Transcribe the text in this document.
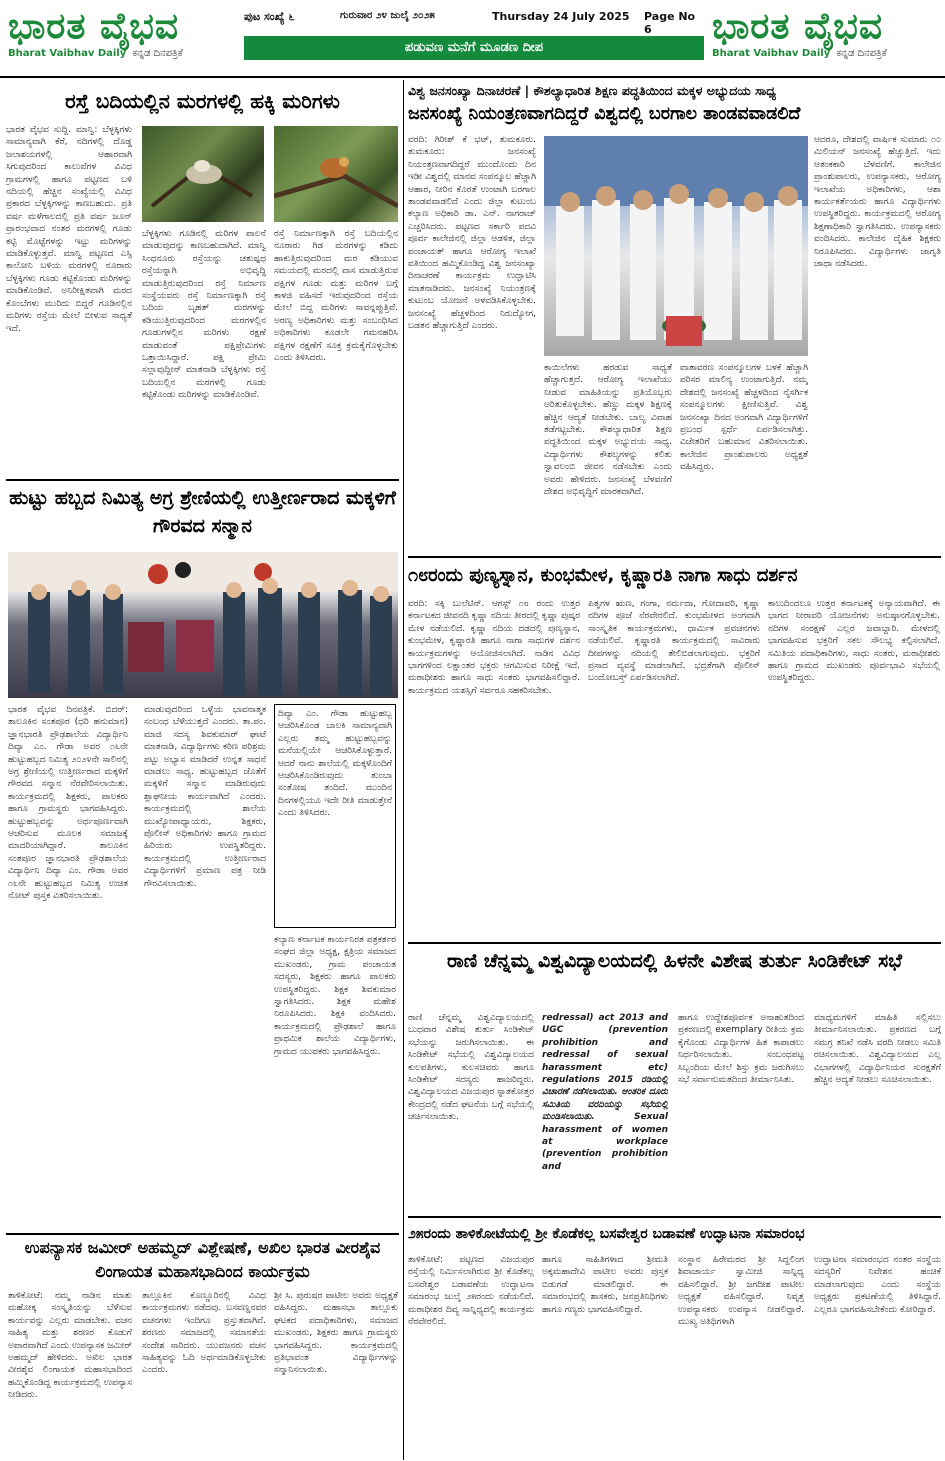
ಭಾರತ ವೈಭವ
Bharat Vaibhav Daily ಕನ್ನಡ ದಿನಪತ್ರಿಕೆ
ಪುಟ ಸಂಖ್ಯೆ ೬	ಗುರುವಾರ ೨೪ ಜುಲೈ ೨೦೨೫	Thursday 24 July 2025 Page No 6
ಪಡುವಣ ಮನೆಗೆ ಮೂಡಣ ದೀಪ
ಭಾರತ ವೈಭವ
Bharat Vaibhav Daily ಕನ್ನಡ ದಿನಪತ್ರಿಕೆ
ರಸ್ತೆ ಬದಿಯಲ್ಲಿನ ಮರಗಳಲ್ಲಿ ಹಕ್ಕಿ ಮರಿಗಳು
ಭಾರತ ವೈಭವ ಸುದ್ದಿ. ಮಾನ್ವಿ: ಬೆಳ್ಳಕ್ಕಿಗಳು ಸಾಮಾನ್ಯವಾಗಿ ಕೆರೆ, ನದಿಗಳಲ್ಲಿ ದೊಡ್ಡ ಜಲಾಶಯಗಳಲ್ಲಿ ಆಹಾರವಾಗಿ ಸಿಗುವುದರಿಂದ ಕಾಲುವೆಗಳ ವಿವಿಧ ಗ್ರಾಮಗಳಲ್ಲಿ ಹಾಗೂ ಪಟ್ಟಣದ ಬಳಿ ನದಿಯಲ್ಲಿ ಹೆಚ್ಚಿನ ಸಂಖ್ಯೆಯಲ್ಲಿ ವಿವಿಧ ಪ್ರಕಾರದ ಬೆಳ್ಳಕ್ಕಿಗಳನ್ನು ಕಾಣಬಹುದು. ಪ್ರತಿ ವರ್ಷ ಮಳೆಗಾಲದಲ್ಲಿ ಪ್ರತಿ ವರ್ಷ ಜೂನ್ ಪ್ರಾರಂಭವಾದ ನಂತರ ಮರಗಳಲ್ಲಿ ಗೂಡು ಕಟ್ಟಿ ಮೊಟ್ಟೆಗಳನ್ನು ಇಟ್ಟು ಮರಿಗಳನ್ನು ಮಾಡಿಕೊಳ್ಳುತ್ತವೆ. ಮಾನ್ವಿ ಪಟ್ಟಣದ ಎಸ್ಸಿ ಕಾಲೋನಿ ಬಳಿಯ ಮರಗಳಲ್ಲಿ ನೂರಾರು ಬೆಳ್ಳಕ್ಕಿಗಳು ಗೂಡು ಕಟ್ಟಿಕೊಂಡು ಮರಿಗಳನ್ನು ಮಾಡಿಕೊಂಡಿವೆ. ಅನಿರೀಕ್ಷಿತವಾಗಿ ಮರದ ಕೊಂಬೆಗಳು ಮುರಿದು ಬಿದ್ದರೆ ಗೂಡಿನಲ್ಲಿನ ಮರಿಗಳು ರಸ್ತೆಯ ಮೇಲೆ ಬೀಳುವ ಸಾಧ್ಯತೆ ಇದೆ.
ಬೆಳ್ಳಕ್ಕಿಗಳು ಗೂಡಿನಲ್ಲಿ ಮರಿಗಳ ಪಾಲನೆ ಮಾಡುವುದನ್ನು ಕಾಣಬಹುದಾಗಿದೆ. ಮಾನ್ವಿ ಸಿಂಧನೂರು ರಸ್ತೆಯನ್ನು ಚತುಷ್ಪಥ ರಸ್ತೆಯನ್ನಾಗಿ ಅಭಿವೃದ್ಧಿ ಮಾಡುತ್ತಿರುವುದರಿಂದ ರಸ್ತೆ ನಿರ್ಮಾಣ ಸಂಸ್ಥೆಯವರು ರಸ್ತೆ ನಿರ್ಮಾಣಕ್ಕಾಗಿ ರಸ್ತೆ ಬದಿಯ ಬೃಹತ್ ಮರಗಳನ್ನು ಕಡಿಯುತ್ತಿರುವುದರಿಂದ ಮರಗಳಲ್ಲಿನ ಗೂಡುಗಳಲ್ಲಿನ ಮರಿಗಳು ರಕ್ಷಣೆ ಮಾಡುವಂತೆ ಪಕ್ಷಿಪ್ರೇಮಿಗಳು ಒತ್ತಾಯಿಸಿದ್ದಾರೆ. ಪಕ್ಷಿ ಪ್ರೇಮಿ ಸಲ್ಲಾವುದ್ದೀನ್ ಮಾತನಾಡಿ ಬೆಳ್ಳಕ್ಕಿಗಳು ರಸ್ತೆ ಬದಿಯಲ್ಲಿನ ಮರಗಳಲ್ಲಿ ಗೂಡು ಕಟ್ಟಿಕೊಂಡು ಮರಿಗಳನ್ನು ಮಾಡಿಕೊಂಡಿವೆ.
ರಸ್ತೆ ನಿರ್ಮಾಣಕ್ಕಾಗಿ ರಸ್ತೆ ಬದಿಯಲ್ಲಿನ ನೂರಾರು ಗಿಡ ಮರಗಳನ್ನು ಕಡಿದು ಹಾಕುತ್ತಿರುವುದರಿಂದ ಮರ ಕಡಿಯುವ ಸಮಯದಲ್ಲಿ ಮರದಲ್ಲಿ ವಾಸ ಮಾಡುತ್ತಿರುವ ಪಕ್ಷಿಗಳ ಗೂಡು ಮತ್ತು ಮರಿಗಳ ಬಗ್ಗೆ ಕಾಳಜಿ ವಹಿಸದೆ ಇರುವುದರಿಂದ ರಸ್ತೆಯ ಮೇಲೆ ಬಿದ್ದ ಮರಿಗಳು ಸಾವನ್ನಪ್ಪುತ್ತಿವೆ. ಅರಣ್ಯ ಅಧಿಕಾರಿಗಳು ಮತ್ತು ಸಂಬಂಧಿಸಿದ ಅಧಿಕಾರಿಗಳು ಕೂಡಲೇ ಗಮನಹರಿಸಿ ಪಕ್ಷಿಗಳ ರಕ್ಷಣೆಗೆ ಸೂಕ್ತ ಕ್ರಮಕೈಗೊಳ್ಳಬೇಕು ಎಂದು ತಿಳಿಸಿದರು.
ಹುಟ್ಟು ಹಬ್ಬದ ನಿಮಿತ್ಯ ಅಗ್ರ ಶ್ರೇಣಿಯಲ್ಲಿ ಉತ್ತೀರ್ಣರಾದ ಮಕ್ಕಳಿಗೆ ಗೌರವದ ಸನ್ಮಾನ
ಭಾರತ ವೈಭವ ದಿನಪತ್ರಿಕೆ. ಬಿದರ್: ತಾಲೂಕಿನ ಸಂತಪೂರ (ಧರಿ ಹನುಮಾನ) ಜ್ಞಾನಭಾರತಿ ಪ್ರೌಢಶಾಲೆಯ ವಿದ್ಯಾರ್ಥಿನಿ ದಿವ್ಯಾ ಎಂ. ಗೌಡಾ ಅವರ ೧೬ನೇ ಹುಟ್ಟುಹಬ್ಬದ ನಿಮಿತ್ಯ ೨೦೨೪ನೇ ಸಾಲಿನಲ್ಲಿ ಅಗ್ರ ಶ್ರೇಣಿಯಲ್ಲಿ ಉತ್ತೀರ್ಣರಾದ ಮಕ್ಕಳಿಗೆ ಗೌರವದ ಸನ್ಮಾನ ನೆರವೇರಿಸಲಾಯಿತು. ಕಾರ್ಯಕ್ರಮದಲ್ಲಿ ಶಿಕ್ಷಕರು, ಪಾಲಕರು ಹಾಗೂ ಗ್ರಾಮಸ್ಥರು ಭಾಗವಹಿಸಿದ್ದರು. ಹುಟ್ಟುಹಬ್ಬವನ್ನು ಅರ್ಥಪೂರ್ಣವಾಗಿ ಆಚರಿಸುವ ಮೂಲಕ ಸಮಾಜಕ್ಕೆ ಮಾದರಿಯಾಗಿದ್ದಾರೆ. ತಾಲೂಕಿನ ಸಂತಪೂರ ಜ್ಞಾನಭಾರತಿ ಪ್ರೌಢಶಾಲೆಯ ವಿದ್ಯಾರ್ಥಿನಿ ದಿವ್ಯಾ ಎಂ. ಗೌಡಾ ಅವರ ೧೬ನೇ ಹುಟ್ಟುಹಬ್ಬದ ನಿಮಿತ್ಯ ಉಚಿತ ನೋಟ್ ಪುಸ್ತಕ ವಿತರಿಸಲಾಯಿತು.
ಮಾಡುವುದರಿಂದ ಒಳ್ಳೆಯ ಭಾವನಾತ್ಮಕ ಸಂಬಂಧ ಬೆಳೆಯುತ್ತದೆ ಎಂದರು. ತಾ.ಪಂ. ಮಾಜಿ ಸದಸ್ಯ ಶಿವಕುಮಾರ್ ಘಾಟೆ ಮಾತನಾಡಿ, ವಿದ್ಯಾರ್ಥಿಗಳು ಕಠಿಣ ಪರಿಶ್ರಮ ಪಟ್ಟು ಅಭ್ಯಾಸ ಮಾಡಿದರೆ ಉನ್ನತ ಸಾಧನೆ ಮಾಡಲು ಸಾಧ್ಯ. ಹುಟ್ಟುಹಬ್ಬದ ಜೊತೆಗೆ ಮಕ್ಕಳಿಗೆ ಸನ್ಮಾನ ಮಾಡಿರುವುದು ಶ್ಲಾಘನೀಯ ಕಾರ್ಯವಾಗಿದೆ ಎಂದರು. ಕಾರ್ಯಕ್ರಮದಲ್ಲಿ ಶಾಲೆಯ ಮುಖ್ಯೋಪಾಧ್ಯಾಯರು, ಶಿಕ್ಷಕರು, ಪೊಲೀಸ್ ಅಧಿಕಾರಿಗಳು ಹಾಗೂ ಗ್ರಾಮದ ಹಿರಿಯರು ಉಪಸ್ಥಿತರಿದ್ದರು. ಕಾರ್ಯಕ್ರಮದಲ್ಲಿ ಉತ್ತೀರ್ಣರಾದ ವಿದ್ಯಾರ್ಥಿಗಳಿಗೆ ಪ್ರಮಾಣ ಪತ್ರ ನೀಡಿ ಗೌರವಿಸಲಾಯಿತು.
ದಿವ್ಯಾ ಎಂ. ಗೌಡಾ ಹುಟ್ಟುಹಬ್ಬ ಆಚರಿಸಿಕೊಂಡ ಬಾಲಕಿ ಸಾಮಾನ್ಯವಾಗಿ ಎಲ್ಲರು ತಮ್ಮ ಹುಟ್ಟುಹಬ್ಬವನ್ನು ಮನೆಯಲ್ಲಿಯೇ ಆಚರಿಸಿಕೊಳ್ಳುತ್ತಾರೆ. ಆದರೆ ನಾನು ಶಾಲೆಯಲ್ಲಿ ಮಕ್ಕಳೊಂದಿಗೆ ಆಚರಿಸಿಕೊಂಡಿರುವುದು ತುಂಬಾ ಸಂತೋಷ ತಂದಿದೆ. ಮುಂದಿನ ದಿನಗಳಲ್ಲಿಯೂ ಇದೇ ರೀತಿ ಮಾಡುತ್ತೇನೆ ಎಂದು ತಿಳಿಸಿದರು.
ಕಲ್ಯಾಣ ಕರ್ನಾಟಕ ಕಾರ್ಯನಿರತ ಪತ್ರಕರ್ತರ ಸಂಘದ ಜಿಲ್ಲಾ ಅಧ್ಯಕ್ಷ, ಕ್ಷತ್ರಿಯ ಸಮಾಜದ ಮುಖಂಡರು, ಗ್ರಾಮ ಪಂಚಾಯತ ಸದಸ್ಯರು, ಶಿಕ್ಷಕರು ಹಾಗೂ ಪಾಲಕರು ಉಪಸ್ಥಿತರಿದ್ದರು. ಶಿಕ್ಷಕ ಶಿವಕುಮಾರ ಸ್ವಾಗತಿಸಿದರು. ಶಿಕ್ಷಕ ಮಹೇಶ ನಿರೂಪಿಸಿದರು. ಶಿಕ್ಷಕಿ ವಂದಿಸಿದರು. ಕಾರ್ಯಕ್ರಮದಲ್ಲಿ ಪ್ರೌಢಶಾಲೆ ಹಾಗೂ ಪ್ರಾಥಮಿಕ ಶಾಲೆಯ ವಿದ್ಯಾರ್ಥಿಗಳು, ಗ್ರಾಮದ ಯುವಕರು ಭಾಗವಹಿಸಿದ್ದರು.
ಉಪನ್ಯಾಸಕ ಜಮೀರ್ ಅಹಮ್ಮದ್ ವಿಶ್ಲೇಷಣೆ, ಅಖಿಲ ಭಾರತ ವೀರಶೈವ ಲಿಂಗಾಯತ ಮಹಾಸಭಾದಿಂದ ಕಾರ್ಯಕ್ರಮ
ತಾಳಿಕೋಟೆ: ನಮ್ಮ ನಾಡಿನ ಮಾತು ಮಹೋಕ್ಕ ಸಂಸ್ಕೃತಿಯನ್ನು ಬೆಳೆಸುವ ಕಾರ್ಯವನ್ನು ಎಲ್ಲರು ಮಾಡಬೇಕು. ವಚನ ಸಾಹಿತ್ಯ ಮತ್ತು ಶರಣರ ಕೊಡುಗೆ ಅಪಾರವಾಗಿದೆ ಎಂದು ಉಪನ್ಯಾಸಕ ಜಮೀರ್ ಅಹಮ್ಮದ್ ಹೇಳಿದರು. ಅಖಿಲ ಭಾರತ ವೀರಶೈವ ಲಿಂಗಾಯತ ಮಹಾಸಭಾದಿಂದ ಹಮ್ಮಿಕೊಂಡಿದ್ದ ಕಾರ್ಯಕ್ರಮದಲ್ಲಿ ಉಪನ್ಯಾಸ ನೀಡಿದರು.
ತಾಲ್ಲೂಕಿನ ಕೊಣ್ಣೂರಿನಲ್ಲಿ ವಿವಿಧ ಕಾರ್ಯಕ್ರಮಗಳು ನಡೆದವು. ಬಸವಣ್ಣನವರ ವಚನಗಳು ಇಂದಿಗೂ ಪ್ರಸ್ತುತವಾಗಿವೆ. ಶರಣರು ಸಮಾಜದಲ್ಲಿ ಸಮಾನತೆಯ ಸಂದೇಶ ಸಾರಿದರು. ಯುವಜನರು ವಚನ ಸಾಹಿತ್ಯವನ್ನು ಓದಿ ಅರ್ಥಮಾಡಿಕೊಳ್ಳಬೇಕು ಎಂದರು.
ಶ್ರೀ ಸಿ. ಪುರುಷರ ಪಾಟೀಲ ಅವರು ಅಧ್ಯಕ್ಷತೆ ವಹಿಸಿದ್ದರು. ಮಹಾಸಭಾ ತಾಲ್ಲೂಕು ಘಟಕದ ಪದಾಧಿಕಾರಿಗಳು, ಸಮಾಜದ ಮುಖಂಡರು, ಶಿಕ್ಷಕರು ಹಾಗೂ ಗ್ರಾಮಸ್ಥರು ಭಾಗವಹಿಸಿದ್ದರು. ಕಾರ್ಯಕ್ರಮದಲ್ಲಿ ಪ್ರತಿಭಾವಂತ ವಿದ್ಯಾರ್ಥಿಗಳನ್ನು ಸನ್ಮಾನಿಸಲಾಯಿತು.
ವಿಶ್ವ ಜನಸಂಖ್ಯಾ ದಿನಾಚರಣೆ | ಕೌಶಲ್ಯಾಧಾರಿತ ಶಿಕ್ಷಣ ಪದ್ಧತಿಯಿಂದ ಮಕ್ಕಳ ಅಭ್ಯುದಯ ಸಾಧ್ಯ
ಜನಸಂಖ್ಯೆ ನಿಯಂತ್ರಣವಾಗದಿದ್ದರೆ ವಿಶ್ವದಲ್ಲಿ ಬರಗಾಲ ತಾಂಡವವಾಡಲಿದೆ
ವರದಿ: ಗಿರೀಶ್ ಕೆ ಭಟ್, ತುಮಕೂರು. ತುಮಕೂರು: ಜನಸಂಖ್ಯೆ ನಿಯಂತ್ರಣವಾಗದಿದ್ದರೆ ಮುಂದೊಂದು ದಿನ ಇಡೀ ವಿಶ್ವದಲ್ಲಿ ಮಾನವ ಸಂಪನ್ಮೂಲ ಹೆಚ್ಚಾಗಿ ಆಹಾರ, ನೀರಿನ ಕೊರತೆ ಉಂಟಾಗಿ ಬರಗಾಲ ತಾಂಡವವಾಡಲಿದೆ ಎಂದು ಜಿಲ್ಲಾ ಕುಟುಂಬ ಕಲ್ಯಾಣ ಅಧಿಕಾರಿ ಡಾ. ಎನ್. ನಾಗರಾಜ್ ಎಚ್ಚರಿಸಿದರು. ಪಟ್ಟಣದ ಸರ್ಕಾರಿ ಪದವಿ ಪೂರ್ವ ಕಾಲೇಜಿನಲ್ಲಿ ಜಿಲ್ಲಾ ಆಡಳಿತ, ಜಿಲ್ಲಾ ಪಂಚಾಯತ್ ಹಾಗೂ ಆರೋಗ್ಯ ಇಲಾಖೆ ವತಿಯಿಂದ ಹಮ್ಮಿಕೊಂಡಿದ್ದ ವಿಶ್ವ ಜನಸಂಖ್ಯಾ ದಿನಾಚರಣೆ ಕಾರ್ಯಕ್ರಮ ಉದ್ಘಾಟಿಸಿ ಮಾತನಾಡಿದರು. ಜನಸಂಖ್ಯೆ ನಿಯಂತ್ರಣಕ್ಕೆ ಕುಟುಂಬ ಯೋಜನೆ ಅಳವಡಿಸಿಕೊಳ್ಳಬೇಕು. ಜನಸಂಖ್ಯೆ ಹೆಚ್ಚಳದಿಂದ ನಿರುದ್ಯೋಗ, ಬಡತನ ಹೆಚ್ಚಾಗುತ್ತಿದೆ ಎಂದರು.
ಕಾಯಿಲೆಗಳು ಹರಡುವ ಸಾಧ್ಯತೆ ಹೆಚ್ಚಾಗುತ್ತದೆ. ಆರೋಗ್ಯ ಇಲಾಖೆಯು ನೀಡುವ ಮಾಹಿತಿಯನ್ನು ಪ್ರತಿಯೊಬ್ಬರು ಅರಿತುಕೊಳ್ಳಬೇಕು. ಹೆಣ್ಣು ಮಕ್ಕಳ ಶಿಕ್ಷಣಕ್ಕೆ ಹೆಚ್ಚಿನ ಆದ್ಯತೆ ನೀಡಬೇಕು. ಬಾಲ್ಯ ವಿವಾಹ ತಡೆಗಟ್ಟಬೇಕು. ಕೌಶಲ್ಯಾಧಾರಿತ ಶಿಕ್ಷಣ ಪದ್ಧತಿಯಿಂದ ಮಕ್ಕಳ ಅಭ್ಯುದಯ ಸಾಧ್ಯ. ವಿದ್ಯಾರ್ಥಿಗಳು ಕೌಶಲ್ಯಗಳನ್ನು ಕಲಿತು ಸ್ವಾವಲಂಬಿ ಜೀವನ ನಡೆಸಬೇಕು ಎಂದು ಅವರು ಹೇಳಿದರು. ಜನಸಂಖ್ಯೆ ಬೆಳವಣಿಗೆ ದೇಶದ ಅಭಿವೃದ್ಧಿಗೆ ಮಾರಕವಾಗಿದೆ.
ವಾತಾವರಣ ಸಂಪನ್ಮೂಲಗಳ ಬಳಕೆ ಹೆಚ್ಚಾಗಿ ಪರಿಸರ ಮಾಲಿನ್ಯ ಉಂಟಾಗುತ್ತಿದೆ. ನಮ್ಮ ದೇಶದಲ್ಲಿ ಜನಸಂಖ್ಯೆ ಹೆಚ್ಚಳದಿಂದ ನೈಸರ್ಗಿಕ ಸಂಪನ್ಮೂಲಗಳು ಕ್ಷೀಣಿಸುತ್ತಿವೆ. ವಿಶ್ವ ಜನಸಂಖ್ಯಾ ದಿನದ ಅಂಗವಾಗಿ ವಿದ್ಯಾರ್ಥಿಗಳಿಗೆ ಪ್ರಬಂಧ ಸ್ಪರ್ಧೆ ಏರ್ಪಡಿಸಲಾಗಿತ್ತು. ವಿಜೇತರಿಗೆ ಬಹುಮಾನ ವಿತರಿಸಲಾಯಿತು. ಕಾಲೇಜಿನ ಪ್ರಾಂಶುಪಾಲರು ಅಧ್ಯಕ್ಷತೆ ವಹಿಸಿದ್ದರು.
ಆದರೂ, ದೇಶದಲ್ಲಿ ವಾರ್ಷಿಕ ಸುಮಾರು ೧೦ ಮಿಲಿಯನ್ ಜನಸಂಖ್ಯೆ ಹೆಚ್ಚುತ್ತಿದೆ. ಇದು ಆತಂಕಕಾರಿ ಬೆಳವಣಿಗೆ. ಕಾಲೇಜಿನ ಪ್ರಾಂಶುಪಾಲರು, ಉಪನ್ಯಾಸಕರು, ಆರೋಗ್ಯ ಇಲಾಖೆಯ ಅಧಿಕಾರಿಗಳು, ಆಶಾ ಕಾರ್ಯಕರ್ತೆಯರು ಹಾಗೂ ವಿದ್ಯಾರ್ಥಿಗಳು ಉಪಸ್ಥಿತರಿದ್ದರು. ಕಾರ್ಯಕ್ರಮದಲ್ಲಿ ಆರೋಗ್ಯ ಶಿಕ್ಷಣಾಧಿಕಾರಿ ಸ್ವಾಗತಿಸಿದರು. ಉಪನ್ಯಾಸಕರು ವಂದಿಸಿದರು. ಕಾಲೇಜಿನ ದೈಹಿಕ ಶಿಕ್ಷಕರು ನಿರೂಪಿಸಿದರು. ವಿದ್ಯಾರ್ಥಿಗಳು ಜಾಗೃತಿ ಜಾಥಾ ನಡೆಸಿದರು.
೧೮ರಂದು ಪುಣ್ಯಸ್ನಾನ, ಕುಂಭಮೇಳ, ಕೃಷ್ಣಾರತಿ ನಾಗಾ ಸಾಧು ದರ್ಶನ
ವರದಿ: ಸಕ್ಕಿ ಬುಲೆಟಿನ್. ಆಗಸ್ಟ್ ೧೮ ರಂದು ಉತ್ತರ ಕರ್ನಾಟಕದ ಜೀವನದಿ ಕೃಷ್ಣಾ ನದಿಯ ತೀರದಲ್ಲಿ ಕೃಷ್ಣಾ ಪುಷ್ಕರ ಮೇಳ ನಡೆಯಲಿದೆ. ಕೃಷ್ಣಾ ನದಿಯ ದಡದಲ್ಲಿ ಪುಣ್ಯಸ್ನಾನ, ಕುಂಭಮೇಳ, ಕೃಷ್ಣಾರತಿ ಹಾಗೂ ನಾಗಾ ಸಾಧುಗಳ ದರ್ಶನ ಕಾರ್ಯಕ್ರಮಗಳನ್ನು ಆಯೋಜಿಸಲಾಗಿದೆ. ನಾಡಿನ ವಿವಿಧ ಭಾಗಗಳಿಂದ ಲಕ್ಷಾಂತರ ಭಕ್ತರು ಆಗಮಿಸುವ ನಿರೀಕ್ಷೆ ಇದೆ. ಮಠಾಧೀಶರು ಹಾಗೂ ಸಾಧು ಸಂತರು ಭಾಗವಹಿಸಲಿದ್ದಾರೆ. ಕಾರ್ಯಕ್ರಮದ ಯಶಸ್ಸಿಗೆ ಸರ್ವರೂ ಸಹಕರಿಸಬೇಕು.
ಪಿತೃಗಳ ಋಣ, ಗಂಗಾ, ನರ್ಮದಾ, ಗೋದಾವರಿ, ಕೃಷ್ಣಾ ನದಿಗಳ ಪೂಜೆ ನೆರವೇರಲಿದೆ. ಕುಂಭಮೇಳದ ಅಂಗವಾಗಿ ಸಾಂಸ್ಕೃತಿಕ ಕಾರ್ಯಕ್ರಮಗಳು, ಧಾರ್ಮಿಕ ಪ್ರವಚನಗಳು ನಡೆಯಲಿವೆ. ಕೃಷ್ಣಾರತಿ ಕಾರ್ಯಕ್ರಮದಲ್ಲಿ ಸಾವಿರಾರು ದೀಪಗಳನ್ನು ನದಿಯಲ್ಲಿ ತೇಲಿಬಿಡಲಾಗುವುದು. ಭಕ್ತರಿಗೆ ಪ್ರಸಾದ ವ್ಯವಸ್ಥೆ ಮಾಡಲಾಗಿದೆ. ಭದ್ರತೆಗಾಗಿ ಪೊಲೀಸ್ ಬಂದೋಬಸ್ತ್ ಏರ್ಪಡಿಸಲಾಗಿದೆ.
ಕಾಲುದಿಂದಲೂ ಉತ್ತರ ಕರ್ನಾಟಕಕ್ಕೆ ಅನ್ಯಾಯವಾಗಿದೆ. ಈ ಭಾಗದ ನೀರಾವರಿ ಯೋಜನೆಗಳು ಅನುಷ್ಠಾನಗೊಳ್ಳಬೇಕು. ನದಿಗಳ ಸಂರಕ್ಷಣೆ ಎಲ್ಲರ ಜವಾಬ್ದಾರಿ. ಮೇಳದಲ್ಲಿ ಭಾಗವಹಿಸುವ ಭಕ್ತರಿಗೆ ಸಕಲ ಸೌಲಭ್ಯ ಕಲ್ಪಿಸಲಾಗಿದೆ. ಸಮಿತಿಯ ಪದಾಧಿಕಾರಿಗಳು, ಸಾಧು ಸಂತರು, ಮಠಾಧೀಶರು ಹಾಗೂ ಗ್ರಾಮದ ಮುಖಂಡರು ಪೂರ್ವಭಾವಿ ಸಭೆಯಲ್ಲಿ ಉಪಸ್ಥಿತರಿದ್ದರು.
ರಾಣಿ ಚೆನ್ನಮ್ಮ ವಿಶ್ವವಿದ್ಯಾಲಯದಲ್ಲಿ ಹಿಳನೇ ವಿಶೇಷ ತುರ್ತು ಸಿಂಡಿಕೇಟ್ ಸಭೆ
ರಾಣಿ ಚೆನ್ನಮ್ಮ ವಿಶ್ವವಿದ್ಯಾಲಯದಲ್ಲಿ ಬುಧವಾರ ವಿಶೇಷ ತುರ್ತು ಸಿಂಡಿಕೇಟ್ ಸಭೆಯನ್ನು ಜರುಗಿಸಲಾಯಿತು. ಈ ಸಿಂಡಿಕೇಟ್ ಸಭೆಯಲ್ಲಿ ವಿಶ್ವವಿದ್ಯಾಲಯದ ಕುಲಪತಿಗಳು, ಕುಲಸಚಿವರು ಹಾಗೂ ಸಿಂಡಿಕೇಟ್ ಸದಸ್ಯರು ಹಾಜರಿದ್ದರು. ವಿಶ್ವವಿದ್ಯಾಲಯದ ವಿಜಯಪುರ ಸ್ನಾತಕೋತ್ತರ ಕೇಂದ್ರದಲ್ಲಿ ನಡೆದ ಘಟನೆಯ ಬಗ್ಗೆ ಸಭೆಯಲ್ಲಿ ಚರ್ಚಿಸಲಾಯಿತು.
redressal) act 2013 and UGC (prevention prohibition and redressal of sexual harassment etc) regulations 2015 ರಡಿಯಲ್ಲಿ ವಿಚಾರಣೆ ನಡೆಸಲಾಯಿತು. ಆಂತರಿಕ ದೂರು ಸಮಿತಿಯ ವರದಿಯನ್ನು ಸಭೆಯಲ್ಲಿ ಮಂಡಿಸಲಾಯಿತು. Sexual harassment of women at workplace (prevention prohibition and
ಹಾಗೂ ಉದ್ದೇಶಪೂರ್ವಕ ಅನಾಹುತದಿಂದ ಪ್ರಕರಣದಲ್ಲಿ exemplary ರೀತಿಯ ಕ್ರಮ ಕೈಗೊಂಡು ವಿದ್ಯಾರ್ಥಿಗಳ ಹಿತ ಕಾಪಾಡಲು ನಿರ್ಧರಿಸಲಾಯಿತು. ಸಂಬಂಧಪಟ್ಟ ಸಿಬ್ಬಂದಿಯ ಮೇಲೆ ಶಿಸ್ತು ಕ್ರಮ ಜರುಗಿಸಲು ಸಭೆ ಸರ್ವಾನುಮತದಿಂದ ತೀರ್ಮಾನಿಸಿತು.
ಮಾಧ್ಯಮಗಳಿಗೆ ಮಾಹಿತಿ ಸಲ್ಲಿಸಲು ತೀರ್ಮಾನಿಸಲಾಯಿತು. ಪ್ರಕರಣದ ಬಗ್ಗೆ ಸಮಗ್ರ ತನಿಖೆ ನಡೆಸಿ ವರದಿ ನೀಡಲು ಸಮಿತಿ ರಚಿಸಲಾಯಿತು. ವಿಶ್ವವಿದ್ಯಾಲಯದ ಎಲ್ಲ ವಿಭಾಗಗಳಲ್ಲಿ ವಿದ್ಯಾರ್ಥಿನಿಯರ ಸುರಕ್ಷತೆಗೆ ಹೆಚ್ಚಿನ ಆದ್ಯತೆ ನೀಡಲು ಸೂಚಿಸಲಾಯಿತು.
೨೫ರಂದು ತಾಳಿಕೋಟೆಯಲ್ಲಿ ಶ್ರೀ ಕೊಡೆಕಲ್ಲ ಬಸವೇಶ್ವರ ಬಡಾವಣೆ ಉದ್ಘಾಟನಾ ಸಮಾರಂಭ
ತಾಳಿಕೋಟೆ: ಪಟ್ಟಣದ ವಿಜಯಪುರ ರಸ್ತೆಯಲ್ಲಿ ನಿರ್ಮಿಸಲಾಗಿರುವ ಶ್ರೀ ಕೊಡೆಕಲ್ಲ ಬಸವೇಶ್ವರ ಬಡಾವಣೆಯ ಉದ್ಘಾಟನಾ ಸಮಾರಂಭ ಜುಲೈ ೨೫ರಂದು ನಡೆಯಲಿದೆ. ಮಠಾಧೀಶರ ದಿವ್ಯ ಸಾನ್ನಿಧ್ಯದಲ್ಲಿ ಕಾರ್ಯಕ್ರಮ ನೆರವೇರಲಿದೆ.
ಹಾಗೂ ಸಾಹಿತಿಗಳಾದ ಶ್ರೀಮತಿ ಅಕ್ಕಮಹಾದೇವಿ ಪಾಟೀಲ ಅವರು ಪುಸ್ತಕ ಬಿಡುಗಡೆ ಮಾಡಲಿದ್ದಾರೆ. ಈ ಸಮಾರಂಭದಲ್ಲಿ ಶಾಸಕರು, ಜನಪ್ರತಿನಿಧಿಗಳು ಹಾಗೂ ಗಣ್ಯರು ಭಾಗವಹಿಸಲಿದ್ದಾರೆ.
ಸಂಸ್ಥಾನ ಹಿರೇಮಠದ ಶ್ರೀ ಸಿದ್ದಲಿಂಗ ಶಿವಾಚಾರ್ಯ ಸ್ವಾಮೀಜಿ ಸಾನ್ನಿಧ್ಯ ವಹಿಸಲಿದ್ದಾರೆ. ಶ್ರೀ ಜಗದೀಶ ಪಾಟೀಲ ಅಧ್ಯಕ್ಷತೆ ವಹಿಸಲಿದ್ದಾರೆ. ನಿವೃತ್ತ ಉಪನ್ಯಾಸಕರು ಉಪನ್ಯಾಸ ನೀಡಲಿದ್ದಾರೆ. ಮುಖ್ಯ ಅತಿಥಿಗಳಾಗಿ
ಉದ್ಘಾಟನಾ ಸಮಾರಂಭದ ನಂತರ ಸಂಸ್ಥೆಯ ಸದಸ್ಯರಿಗೆ ನಿವೇಶನ ಹಂಚಿಕೆ ಮಾಡಲಾಗುವುದು ಎಂದು ಸಂಸ್ಥೆಯ ಅಧ್ಯಕ್ಷರು ಪ್ರಕಟಣೆಯಲ್ಲಿ ತಿಳಿಸಿದ್ದಾರೆ. ಎಲ್ಲರೂ ಭಾಗವಹಿಸಬೇಕೆಂದು ಕೋರಿದ್ದಾರೆ.
